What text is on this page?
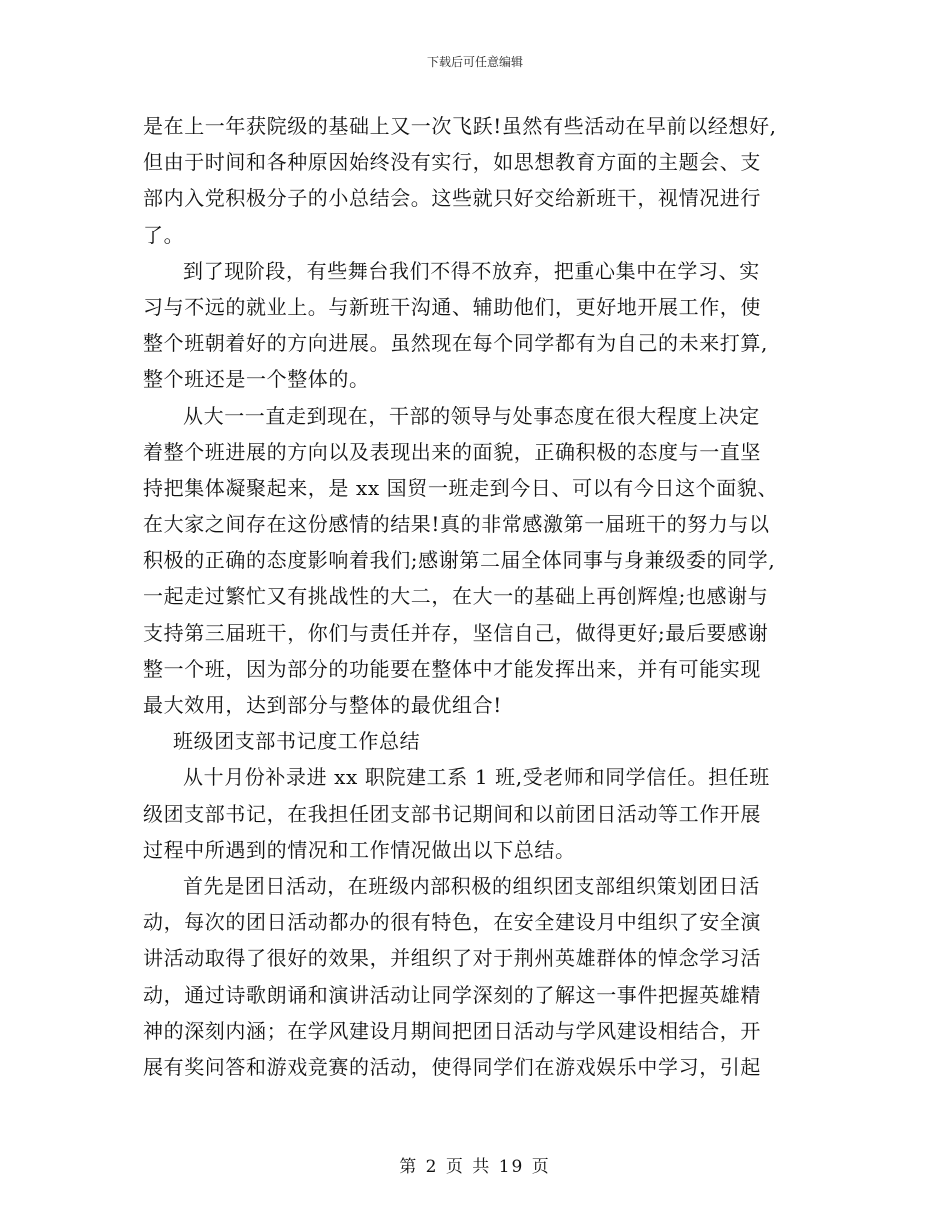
下载后可任意编辑
是在上一年获院级的基础上又一次飞跃!虽然有些活动在早前以经想好,
但由于时间和各种原因始终没有实行，如思想教育方面的主题会、支
部内入党积极分子的小总结会。这些就只好交给新班干，视情况进行
了。
到了现阶段，有些舞台我们不得不放弃，把重心集中在学习、实
习与不远的就业上。与新班干沟通、辅助他们，更好地开展工作，使
整个班朝着好的方向进展。虽然现在每个同学都有为自己的未来打算,
整个班还是一个整体的。
从大一一直走到现在，干部的领导与处事态度在很大程度上决定
着整个班进展的方向以及表现出来的面貌，正确积极的态度与一直坚
持把集体凝聚起来，是 xx 国贸一班走到今日、可以有今日这个面貌、
在大家之间存在这份感情的结果!真的非常感激第一届班干的努力与以
积极的正确的态度影响着我们;感谢第二届全体同事与身兼级委的同学,
一起走过繁忙又有挑战性的大二，在大一的基础上再创辉煌;也感谢与
支持第三届班干，你们与责任并存，坚信自己，做得更好;最后要感谢
整一个班，因为部分的功能要在整体中才能发挥出来，并有可能实现
最大效用，达到部分与整体的最优组合!
班级团支部书记度工作总结
从十月份补录进 xx 职院建工系 1 班,受老师和同学信任。担任班
级团支部书记，在我担任团支部书记期间和以前团日活动等工作开展
过程中所遇到的情况和工作情况做出以下总结。
首先是团日活动，在班级内部积极的组织团支部组织策划团日活
动，每次的团日活动都办的很有特色，在安全建设月中组织了安全演
讲活动取得了很好的效果，并组织了对于荆州英雄群体的悼念学习活
动，通过诗歌朗诵和演讲活动让同学深刻的了解这一事件把握英雄精
神的深刻内涵；在学风建设月期间把团日活动与学风建设相结合，开
展有奖问答和游戏竞赛的活动，使得同学们在游戏娱乐中学习，引起
第 2 页 共 19 页
